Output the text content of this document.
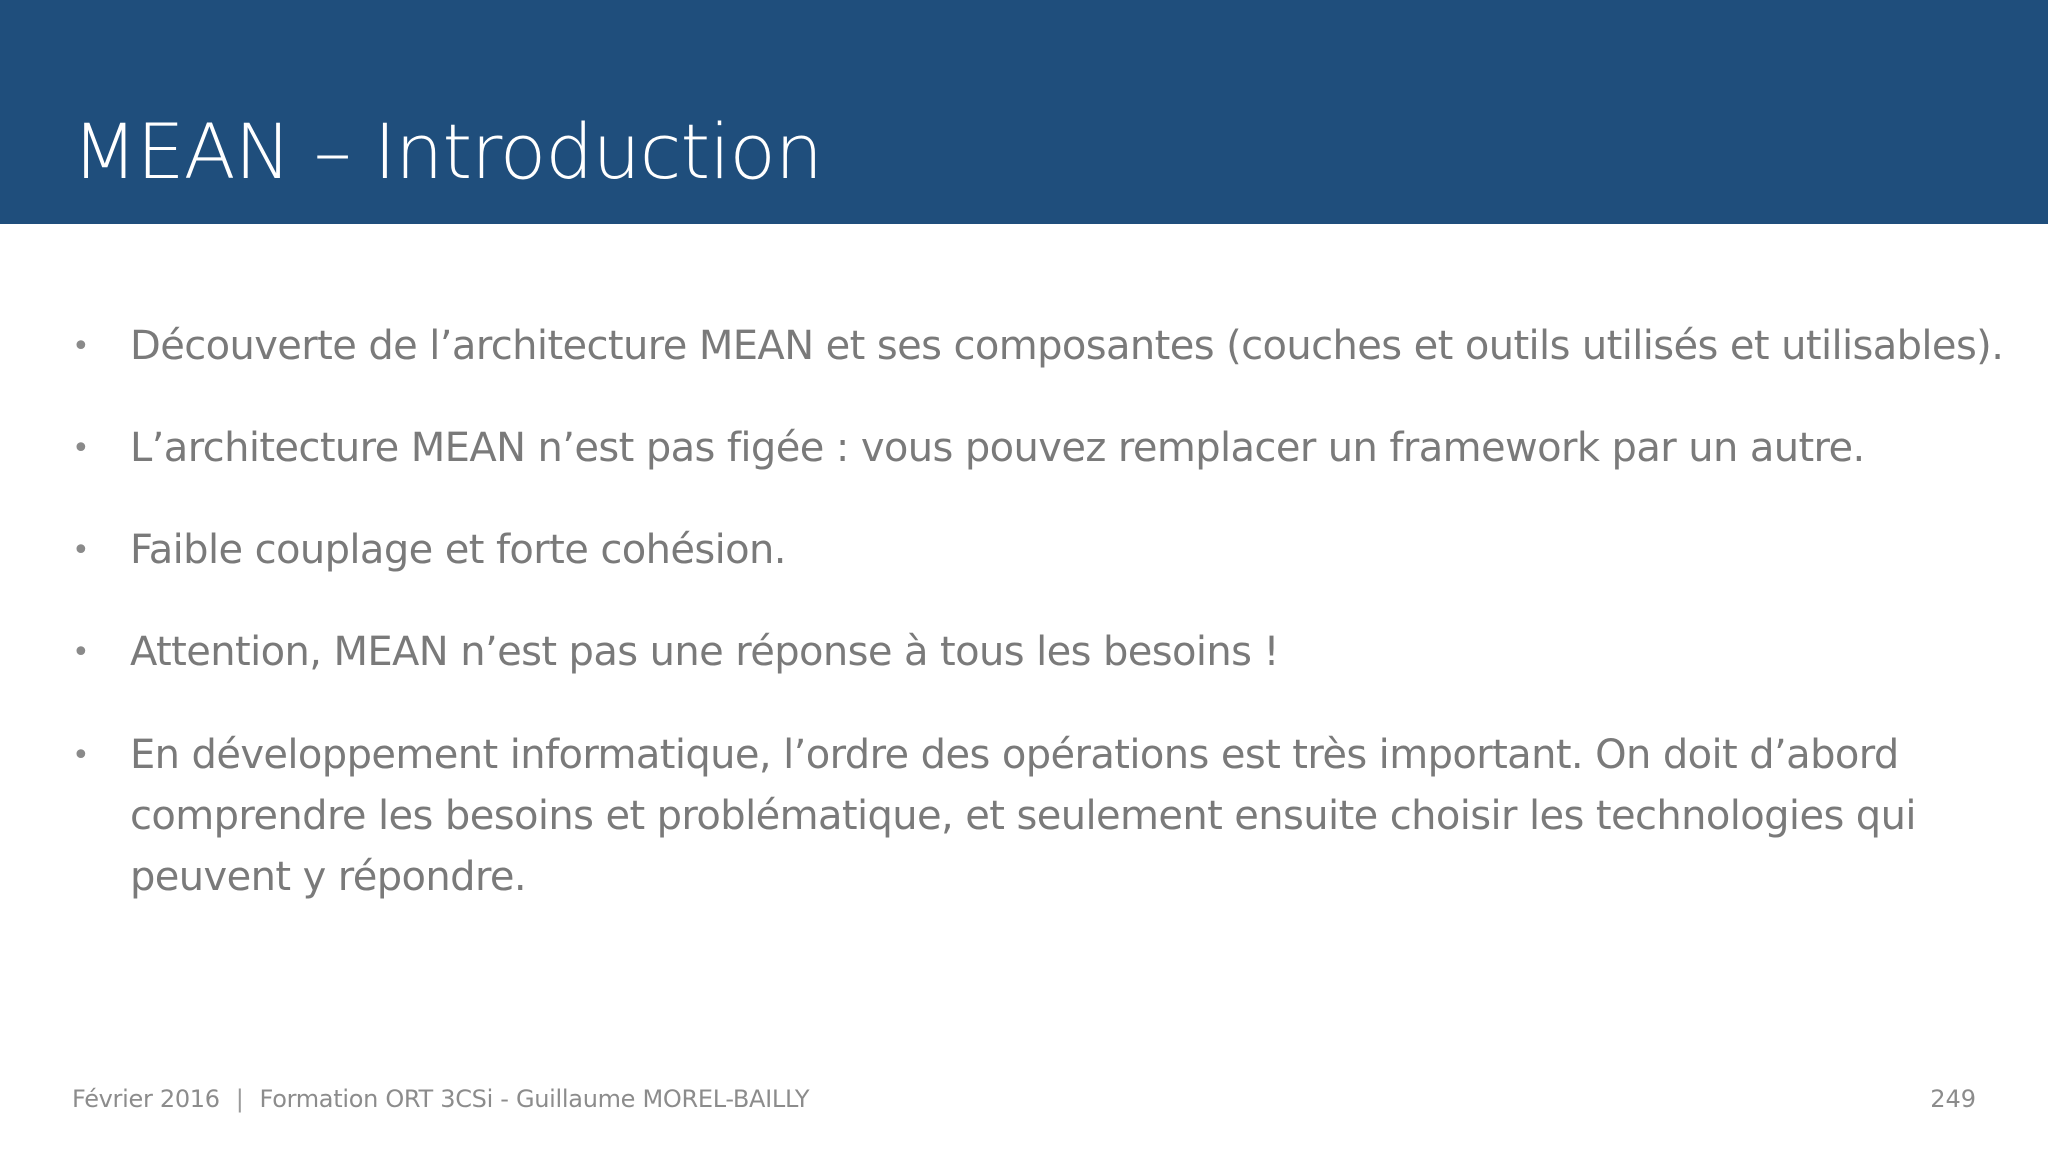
MEAN – Introduction
•	Découverte de l’architecture MEAN et ses composantes (couches et outils utilisés et utilisables).
•	L’architecture MEAN n’est pas figée : vous pouvez remplacer un framework par un autre.
•	Faible couplage et forte cohésion.
•	Attention, MEAN n’est pas une réponse à tous les besoins !
•	En développement informatique, l’ordre des opérations est très important. On doit d’abord comprendre les besoins et problématique, et seulement ensuite choisir les technologies qui peuvent y répondre.
Février 2016 | Formation ORT 3CSi - Guillaume MOREL-BAILLY	249
